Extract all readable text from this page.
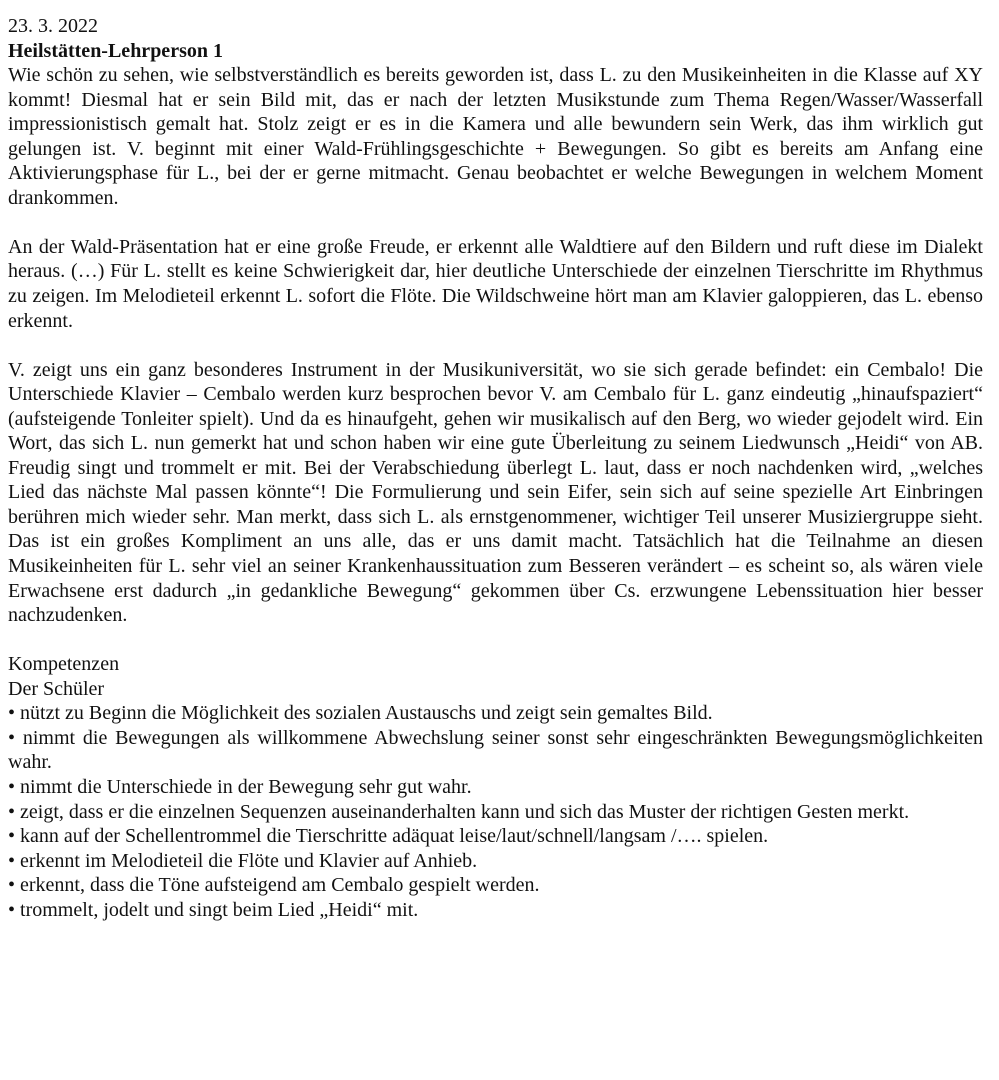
23. 3. 2022
Heilstätten-Lehrperson 1

Wie schön zu sehen, wie selbstverständlich es bereits geworden ist, dass L. zu den Musikeinheiten in die Klasse auf XY kommt! Diesmal hat er sein Bild mit, das er nach der letzten Musikstunde zum Thema Regen/Wasser/Wasserfall impressionistisch gemalt hat. Stolz zeigt er es in die Kamera und alle bewundern sein Werk, das ihm wirklich gut gelungen ist. V. beginnt mit einer Wald-Frühlingsgeschichte + Bewegungen. So gibt es bereits am Anfang eine Aktivierungsphase für L., bei der er gerne mitmacht. Genau beobachtet er welche Bewegungen in welchem Moment drankommen.

An der Wald-Präsentation hat er eine große Freude, er erkennt alle Waldtiere auf den Bildern und ruft diese im Dialekt heraus. (…) Für L. stellt es keine Schwierigkeit dar, hier deutliche Unterschiede der einzelnen Tierschritte im Rhythmus zu zeigen. Im Melodieteil erkennt L. sofort die Flöte. Die Wildschweine hört man am Klavier galoppieren, das L. ebenso erkennt.

V. zeigt uns ein ganz besonderes Instrument in der Musikuniversität, wo sie sich gerade befindet: ein Cembalo! Die Unterschiede Klavier – Cembalo werden kurz besprochen bevor V. am Cembalo für L. ganz eindeutig „hinaufspaziert“ (aufsteigende Tonleiter spielt). Und da es hinaufgeht, gehen wir musikalisch auf den Berg, wo wieder gejodelt wird. Ein Wort, das sich L. nun gemerkt hat und schon haben wir eine gute Überleitung zu seinem Liedwunsch „Heidi“ von AB. Freudig singt und trommelt er mit. Bei der Verabschiedung überlegt L. laut, dass er noch nachdenken wird, „welches Lied das nächste Mal passen könnte“! Die Formulierung und sein Eifer, sein sich auf seine spezielle Art Einbringen berühren mich wieder sehr. Man merkt, dass sich L. als ernstgenommener, wichtiger Teil unserer Musiziergruppe sieht. Das ist ein großes Kompliment an uns alle, das er uns damit macht. Tatsächlich hat die Teilnahme an diesen Musikeinheiten für L. sehr viel an seiner Krankenhaussituation zum Besseren verändert – es scheint so, als wären viele Erwachsene erst dadurch „in gedankliche Bewegung“ gekommen über Cs. erzwungene Lebenssituation hier besser nachzudenken.

Kompetenzen
Der Schüler
• nützt zu Beginn die Möglichkeit des sozialen Austauschs und zeigt sein gemaltes Bild.
• nimmt die Bewegungen als willkommene Abwechslung seiner sonst sehr eingeschränkten Bewegungsmöglichkeiten wahr.
• nimmt die Unterschiede in der Bewegung sehr gut wahr.
• zeigt, dass er die einzelnen Sequenzen auseinanderhalten kann und sich das Muster der richtigen Gesten merkt.
• kann auf der Schellentrommel die Tierschritte adäquat leise/laut/schnell/langsam /…. spielen.
• erkennt im Melodieteil die Flöte und Klavier auf Anhieb.
• erkennt, dass die Töne aufsteigend am Cembalo gespielt werden.
• trommelt, jodelt und singt beim Lied „Heidi“ mit.
